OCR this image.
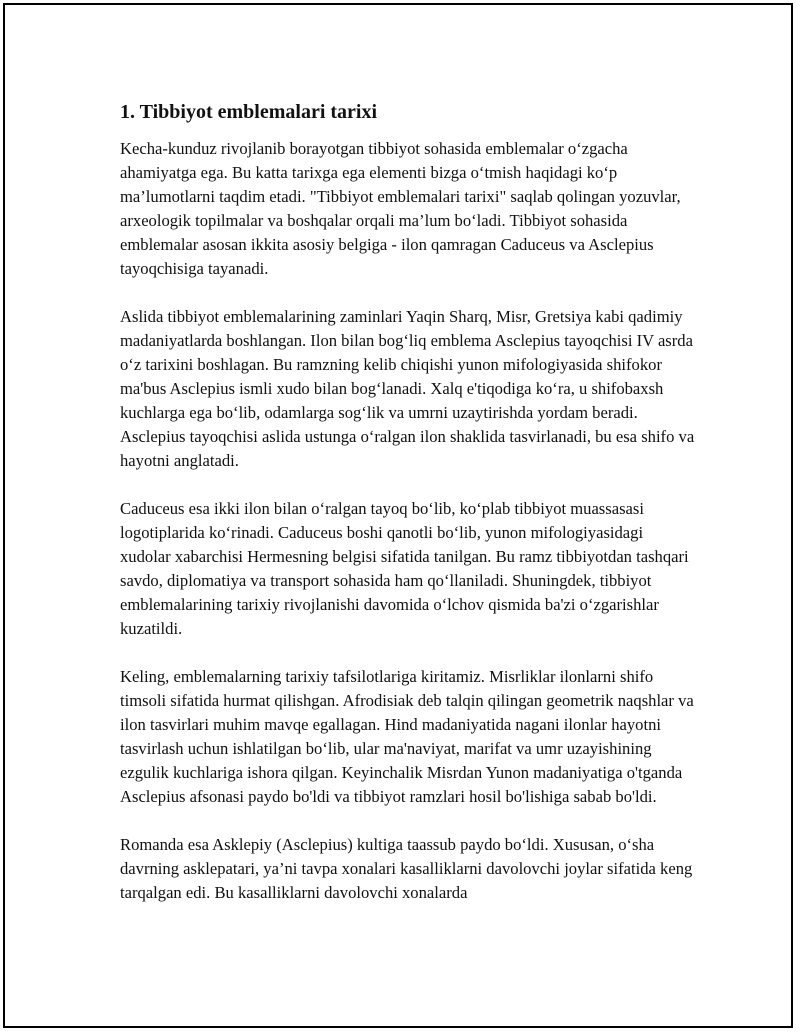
1. Tibbiyot emblemalari tarixi

Kecha-kunduz rivojlanib borayotgan tibbiyot sohasida emblemalar o‘zgacha ahamiyatga ega. Bu katta tarixga ega elementi bizga o‘tmish haqidagi ko‘p ma’lumotlarni taqdim etadi. "Tibbiyot emblemalari tarixi" saqlab qolingan yozuvlar, arxeologik topilmalar va boshqalar orqali ma’lum bo‘ladi. Tibbiyot sohasida emblemalar asosan ikkita asosiy belgiga - ilon qamragan Caduceus va Asclepius tayoqchisiga tayanadi.

Aslida tibbiyot emblemalarining zaminlari Yaqin Sharq, Misr, Gretsiya kabi qadimiy madaniyatlarda boshlangan. Ilon bilan bog‘liq emblema Asclepius tayoqchisi IV asrda o‘z tarixini boshlagan. Bu ramzning kelib chiqishi yunon mifologiyasida shifokor ma'bus Asclepius ismli xudo bilan bog‘lanadi. Xalq e'tiqodiga ko‘ra, u shifobaxsh kuchlarga ega bo‘lib, odamlarga sog‘lik va umrni uzaytirishda yordam beradi. Asclepius tayoqchisi aslida ustunga o‘ralgan ilon shaklida tasvirlanadi, bu esa shifo va hayotni anglatadi.

Caduceus esa ikki ilon bilan o‘ralgan tayoq bo‘lib, ko‘plab tibbiyot muassasasi logotiplarida ko‘rinadi. Caduceus boshi qanotli bo‘lib, yunon mifologiyasidagi xudolar xabarchisi Hermesning belgisi sifatida tanilgan. Bu ramz tibbiyotdan tashqari savdo, diplomatiya va transport sohasida ham qo‘llaniladi. Shuningdek, tibbiyot emblemalarining tarixiy rivojlanishi davomida o‘lchov qismida ba'zi o‘zgarishlar kuzatildi.

Keling, emblemalarning tarixiy tafsilotlariga kiritamiz. Misrliklar ilonlarni shifo timsoli sifatida hurmat qilishgan. Afrodisiak deb talqin qilingan geometrik naqshlar va ilon tasvirlari muhim mavqe egallagan. Hind madaniyatida nagani ilonlar hayotni tasvirlash uchun ishlatilgan bo‘lib, ular ma'naviyat, marifat va umr uzayishining ezgulik kuchlariga ishora qilgan. Keyinchalik Misrdan Yunon madaniyatiga o'tganda Asclepius afsonasi paydo bo'ldi va tibbiyot ramzlari hosil bo'lishiga sabab bo'ldi.

Romanda esa Asklepiy (Asclepius) kultiga taassub paydo bo‘ldi. Xususan, o‘sha davrning asklepatari, ya’ni tavpa xonalari kasalliklarni davolovchi joylar sifatida keng tarqalgan edi. Bu kasalliklarni davolovchi xonalarda
